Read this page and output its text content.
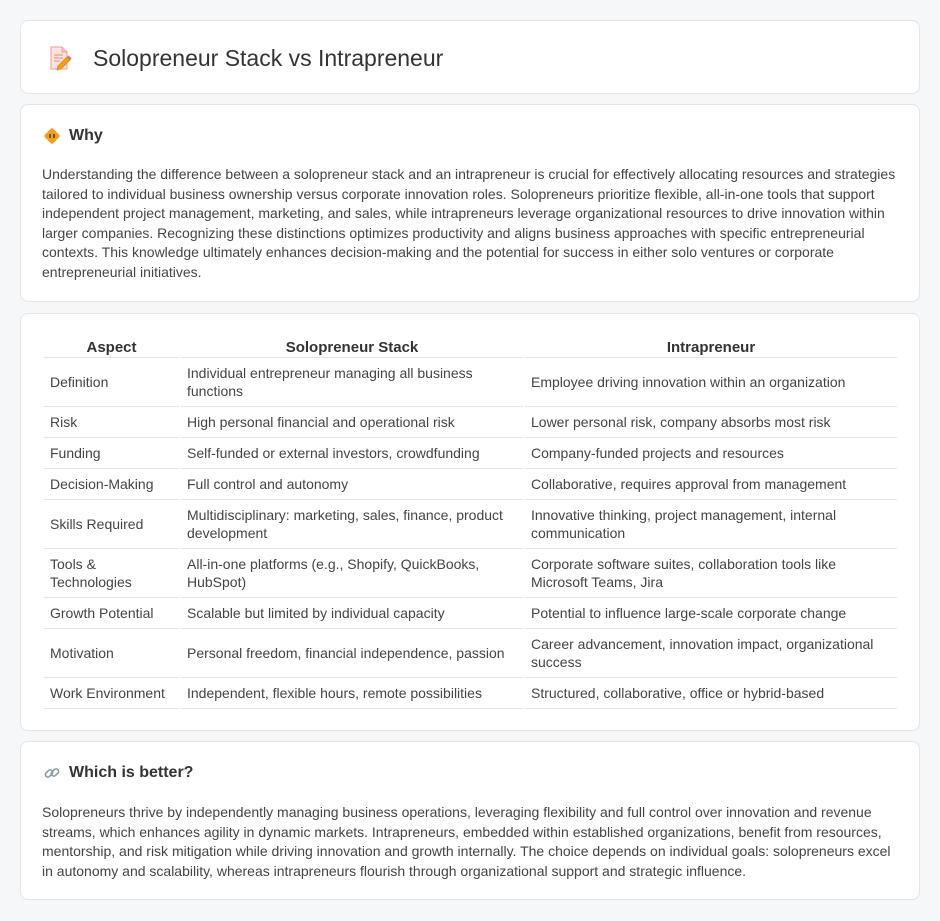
Solopreneur Stack vs Intrapreneur
Why

Understanding the difference between a solopreneur stack and an intrapreneur is crucial for effectively allocating resources and strategies tailored to individual business ownership versus corporate innovation roles. Solopreneurs prioritize flexible, all-in-one tools that support independent project management, marketing, and sales, while intrapreneurs leverage organizational resources to drive innovation within larger companies. Recognizing these distinctions optimizes productivity and aligns business approaches with specific entrepreneurial contexts. This knowledge ultimately enhances decision-making and the potential for success in either solo ventures or corporate entrepreneurial initiatives.

Aspect	Solopreneur Stack	Intrapreneur
Definition	Individual entrepreneur managing all business functions	Employee driving innovation within an organization
Risk	High personal financial and operational risk	Lower personal risk, company absorbs most risk
Funding	Self-funded or external investors, crowdfunding	Company-funded projects and resources
Decision-Making	Full control and autonomy	Collaborative, requires approval from management
Skills Required	Multidisciplinary: marketing, sales, finance, product development	Innovative thinking, project management, internal communication
Tools & Technologies	All-in-one platforms (e.g., Shopify, QuickBooks, HubSpot)	Corporate software suites, collaboration tools like Microsoft Teams, Jira
Growth Potential	Scalable but limited by individual capacity	Potential to influence large-scale corporate change
Motivation	Personal freedom, financial independence, passion	Career advancement, innovation impact, organizational success
Work Environment	Independent, flexible hours, remote possibilities	Structured, collaborative, office or hybrid-based
Which is better?

Solopreneurs thrive by independently managing business operations, leveraging flexibility and full control over innovation and revenue streams, which enhances agility in dynamic markets. Intrapreneurs, embedded within established organizations, benefit from resources, mentorship, and risk mitigation while driving innovation and growth internally. The choice depends on individual goals: solopreneurs excel in autonomy and scalability, whereas intrapreneurs flourish through organizational support and strategic influence.
